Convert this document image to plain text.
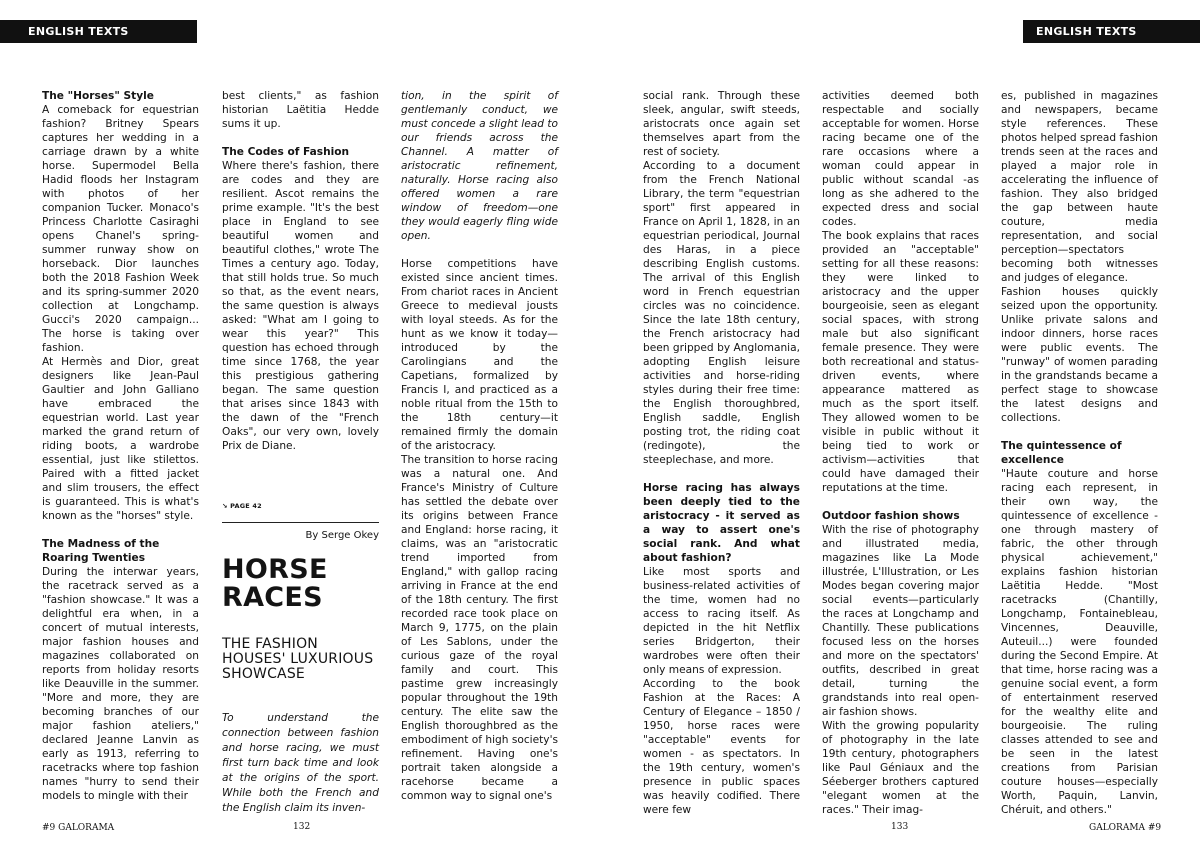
ENGLISH TEXTS	ENGLISH TEXTS
The "Horses" Style

A comeback for equestrian fashion? Britney Spears captures her wedding in a carriage drawn by a white horse. Supermodel Bella Hadid floods her Instagram with photos of her companion Tucker. Monaco's Princess Charlotte Casiraghi opens Chanel's spring-summer runway show on horseback. Dior launches both the 2018 Fashion Week and its spring-summer 2020 collection at Longchamp. Gucci's 2020 campaign... The horse is taking over fashion.

At Hermès and Dior, great designers like Jean-Paul Gaultier and John Galliano have embraced the equestrian world. Last year marked the grand return of riding boots, a wardrobe essential, just like stilettos. Paired with a fitted jacket and slim trousers, the effect is guaranteed. This is what's known as the "horses" style.

The Madness of the Roaring Twenties

During the interwar years, the racetrack served as a "fashion showcase." It was a delightful era when, in a concert of mutual interests, major fashion houses and magazines collaborated on reports from holiday resorts like Deauville in the summer. "More and more, they are becoming branches of our major fashion ateliers," declared Jeanne Lanvin as early as 1913, referring to racetracks where top fashion names "hurry to send their models to mingle with their

best clients," as fashion historian Laëtitia Hedde sums it up.

The Codes of Fashion

Where there's fashion, there are codes and they are resilient. Ascot remains the prime example. "It's the best place in England to see beautiful women and beautiful clothes," wrote The Times a century ago. Today, that still holds true. So much so that, as the event nears, the same question is always asked: "What am I going to wear this year?" This question has echoed through time since 1768, the year this prestigious gathering began. The same question that arises since 1843 with the dawn of the "French Oaks", our very own, lovely Prix de Diane.

↘ PAGE 42
By Serge Okey
HORSE RACES
THE FASHION HOUSES' LUXURIOUS SHOWCASE
To understand the connection between fashion and horse racing, we must first turn back time and look at the origins of the sport. While both the French and the English claim its inven-

tion, in the spirit of gentlemanly conduct, we must concede a slight lead to our friends across the Channel. A matter of aristocratic refinement, naturally. Horse racing also offered women a rare window of freedom—one they would eagerly fling wide open.

Horse competitions have existed since ancient times. From chariot races in Ancient Greece to medieval jousts with loyal steeds. As for the hunt as we know it today—introduced by the Carolingians and the Capetians, formalized by Francis I, and practiced as a noble ritual from the 15th to the 18th century—it remained firmly the domain of the aristocracy.

The transition to horse racing was a natural one. And France's Ministry of Culture has settled the debate over its origins between France and England: horse racing, it claims, was an "aristocratic trend imported from England," with gallop racing arriving in France at the end of the 18th century. The first recorded race took place on March 9, 1775, on the plain of Les Sablons, under the curious gaze of the royal family and court. This pastime grew increasingly popular throughout the 19th century. The elite saw the English thoroughbred as the embodiment of high society's refinement. Having one's portrait taken alongside a racehorse became a common way to signal one's

social rank. Through these sleek, angular, swift steeds, aristocrats once again set themselves apart from the rest of society.

According to a document from the French National Library, the term "equestrian sport" first appeared in France on April 1, 1828, in an equestrian periodical, Journal des Haras, in a piece describing English customs. The arrival of this English word in French equestrian circles was no coincidence. Since the late 18th century, the French aristocracy had been gripped by Anglomania, adopting English leisure activities and horse-riding styles during their free time: the English thoroughbred, English saddle, English posting trot, the riding coat (redingote), the steeplechase, and more.

Horse racing has always been deeply tied to the aristocracy - it served as a way to assert one's social rank. And what about fashion?

Like most sports and business-related activities of the time, women had no access to racing itself. As depicted in the hit Netflix series Bridgerton, their wardrobes were often their only means of expression.

According to the book Fashion at the Races: A Century of Elegance – 1850 / 1950, horse races were "acceptable" events for women - as spectators. In the 19th century, women's presence in public spaces was heavily codified. There were few

activities deemed both respectable and socially acceptable for women. Horse racing became one of the rare occasions where a woman could appear in public without scandal -as long as she adhered to the expected dress and social codes.

The book explains that races provided an "acceptable" setting for all these reasons: they were linked to aristocracy and the upper bourgeoisie, seen as elegant social spaces, with strong male but also significant female presence. They were both recreational and status-driven events, where appearance mattered as much as the sport itself. They allowed women to be visible in public without it being tied to work or activism—activities that could have damaged their reputations at the time.

Outdoor fashion shows

With the rise of photography and illustrated media, magazines like La Mode illustrée, L'Illustration, or Les Modes began covering major social events—particularly the races at Longchamp and Chantilly. These publications focused less on the horses and more on the spectators' outfits, described in great detail, turning the grandstands into real open-air fashion shows.

With the growing popularity of photography in the late 19th century, photographers like Paul Géniaux and the Séeberger brothers captured "elegant women at the races." Their imag-

es, published in magazines and newspapers, became style references. These photos helped spread fashion trends seen at the races and played a major role in accelerating the influence of fashion. They also bridged the gap between haute couture, media representation, and social perception—spectators becoming both witnesses and judges of elegance.

Fashion houses quickly seized upon the opportunity. Unlike private salons and indoor dinners, horse races were public events. The "runway" of women parading in the grandstands became a perfect stage to showcase the latest designs and collections.

The quintessence of excellence

"Haute couture and horse racing each represent, in their own way, the quintessence of excellence - one through mastery of fabric, the other through physical achievement," explains fashion historian Laëtitia Hedde. "Most racetracks (Chantilly, Longchamp, Fontainebleau, Vincennes, Deauville, Auteuil...) were founded during the Second Empire. At that time, horse racing was a genuine social event, a form of entertainment reserved for the wealthy elite and bourgeoisie. The ruling classes attended to see and be seen in the latest creations from Parisian couture houses—especially Worth, Paquin, Lanvin, Chéruit, and others."

#9 GALORAMA	132	133	GALORAMA #9
